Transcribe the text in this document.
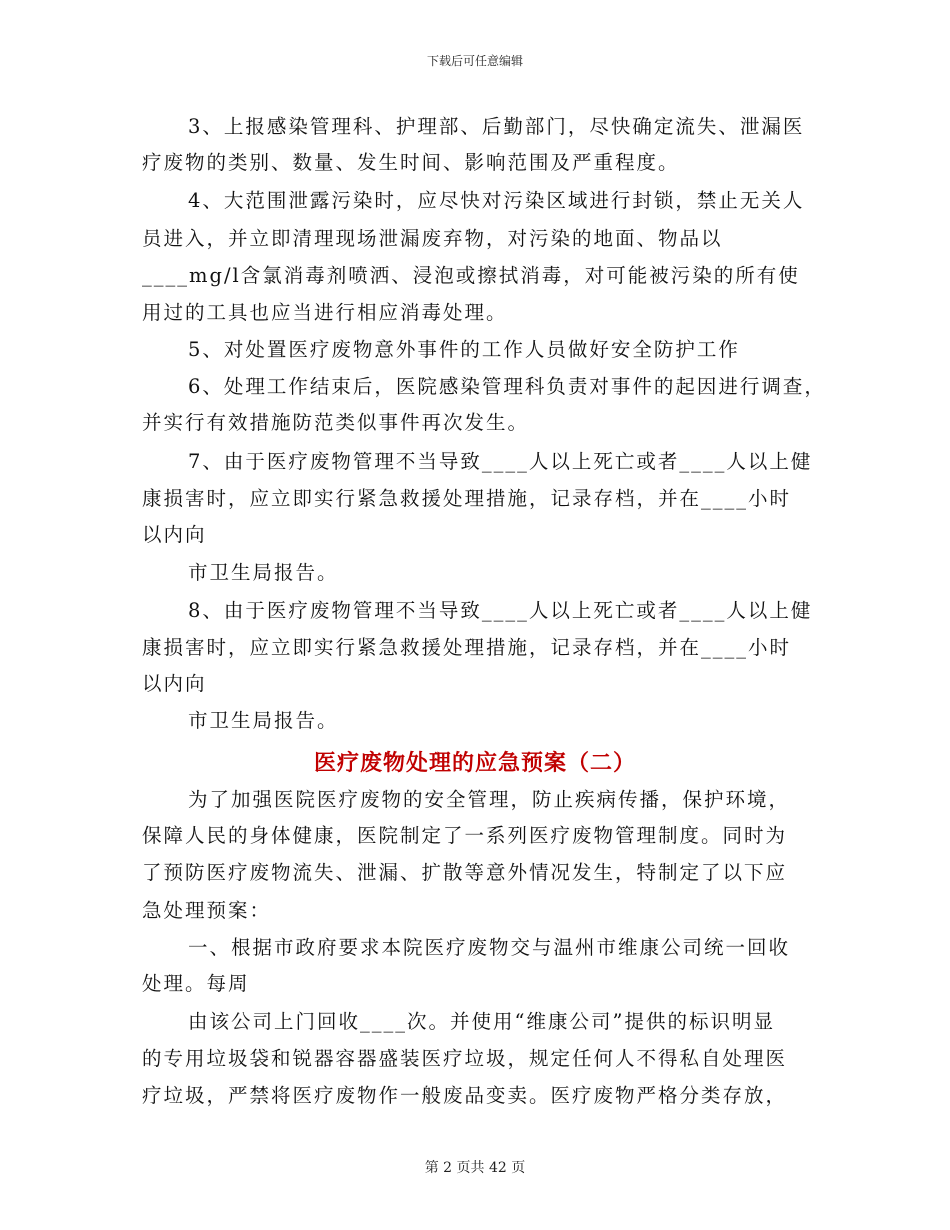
下载后可任意编辑
3、上报感染管理科、护理部、后勤部门，尽快确定流失、泄漏医
疗废物的类别、数量、发生时间、影响范围及严重程度。
4、大范围泄露污染时，应尽快对污染区域进行封锁，禁止无关人
员进入，并立即清理现场泄漏废弃物，对污染的地面、物品以
____mg/l含氯消毒剂喷洒、浸泡或擦拭消毒，对可能被污染的所有使
用过的工具也应当进行相应消毒处理。
5、对处置医疗废物意外事件的工作人员做好安全防护工作
6、处理工作结束后，医院感染管理科负责对事件的起因进行调查，
并实行有效措施防范类似事件再次发生。
7、由于医疗废物管理不当导致____人以上死亡或者____人以上健
康损害时，应立即实行紧急救援处理措施，记录存档，并在____小时
以内向
市卫生局报告。
8、由于医疗废物管理不当导致____人以上死亡或者____人以上健
康损害时，应立即实行紧急救援处理措施，记录存档，并在____小时
以内向
市卫生局报告。
医疗废物处理的应急预案（二）
为了加强医院医疗废物的安全管理，防止疾病传播，保护环境，
保障人民的身体健康，医院制定了一系列医疗废物管理制度。同时为
了预防医疗废物流失、泄漏、扩散等意外情况发生，特制定了以下应
急处理预案：
一、根据市政府要求本院医疗废物交与温州市维康公司统一回收
处理。每周
由该公司上门回收____次。并使用“维康公司”提供的标识明显
的专用垃圾袋和锐器容器盛装医疗垃圾，规定任何人不得私自处理医
疗垃圾，严禁将医疗废物作一般废品变卖。医疗废物严格分类存放，
第 2 页共 42 页
